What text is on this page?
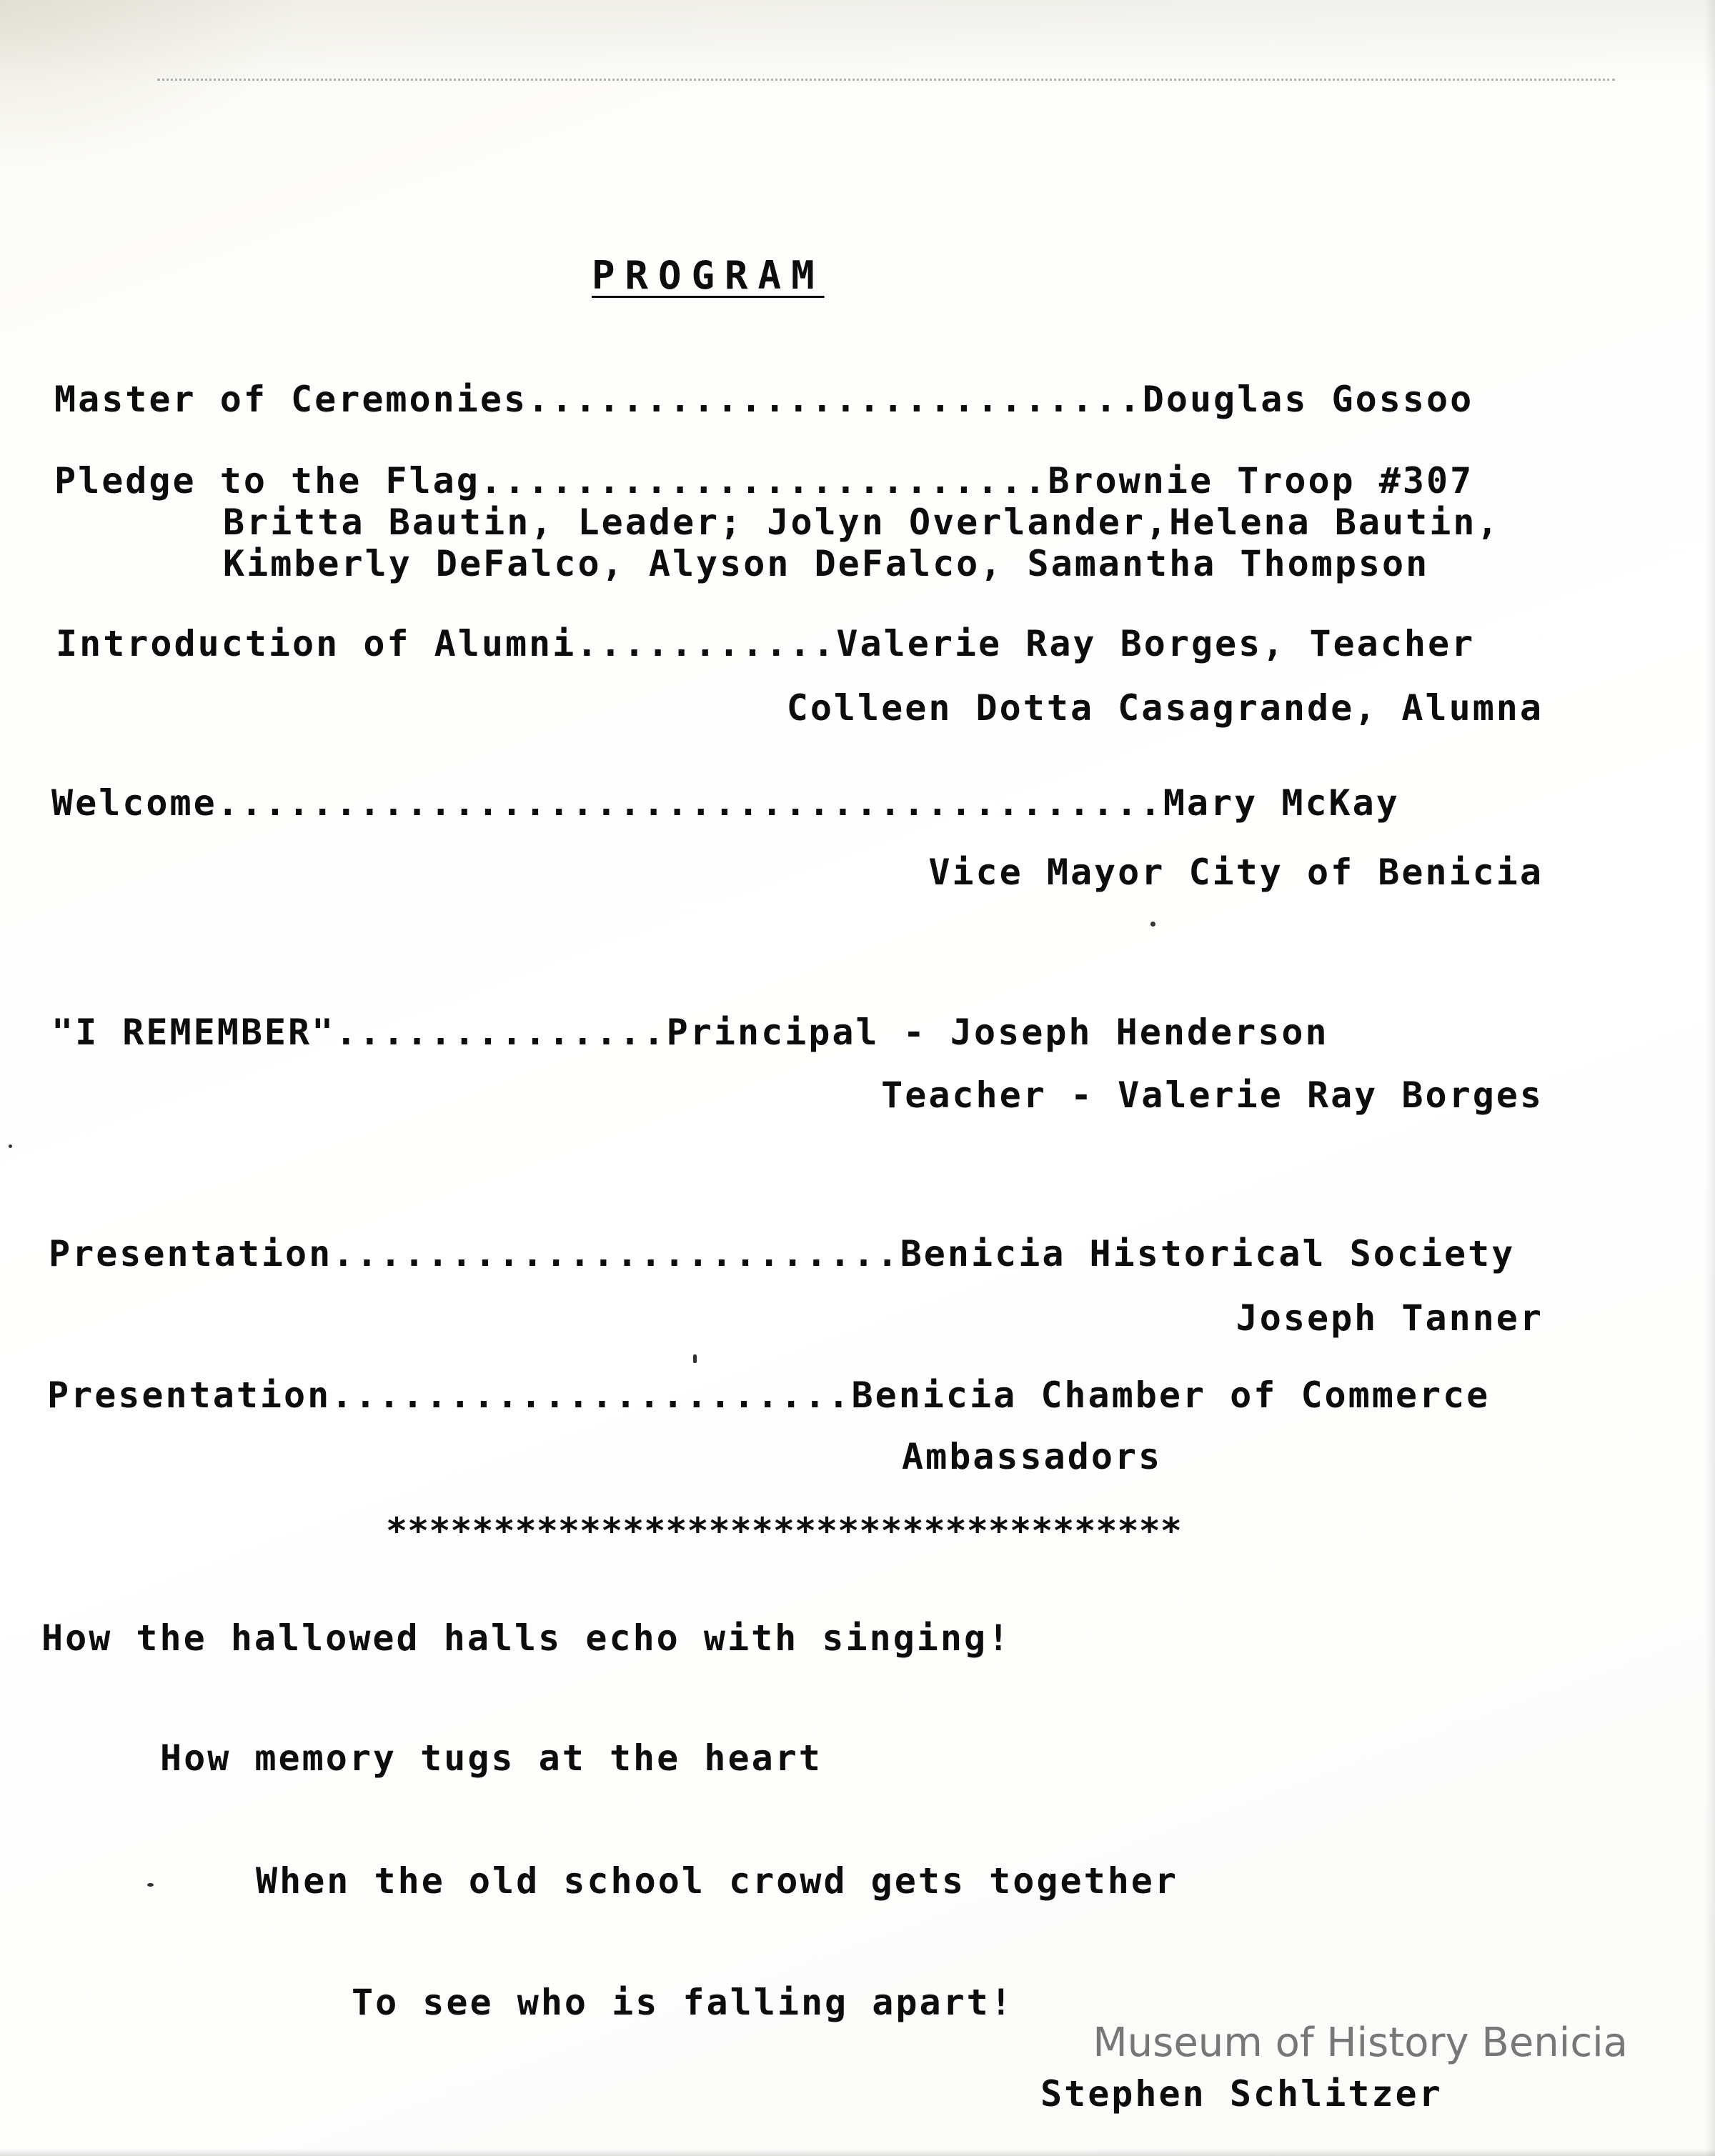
PROGRAM
Master of Ceremonies..........................Douglas Gossoo
Pledge to the Flag........................Brownie Troop #307
Britta Bautin, Leader; Jolyn Overlander,Helena Bautin,
Kimberly DeFalco, Alyson DeFalco, Samantha Thompson
Introduction of Alumni...........Valerie Ray Borges, Teacher
Colleen Dotta Casagrande, Alumna
Welcome........................................Mary McKay
Vice Mayor City of Benicia
"I REMEMBER"..............Principal - Joseph Henderson
Teacher - Valerie Ray Borges
Presentation........................Benicia Historical Society
Joseph Tanner
Presentation......................Benicia Chamber of Commerce
Ambassadors
*************************************
How the hallowed halls echo with singing!
How memory tugs at the heart
When the old school crowd gets together
To see who is falling apart!
Stephen Schlitzer
Museum of History Benicia
